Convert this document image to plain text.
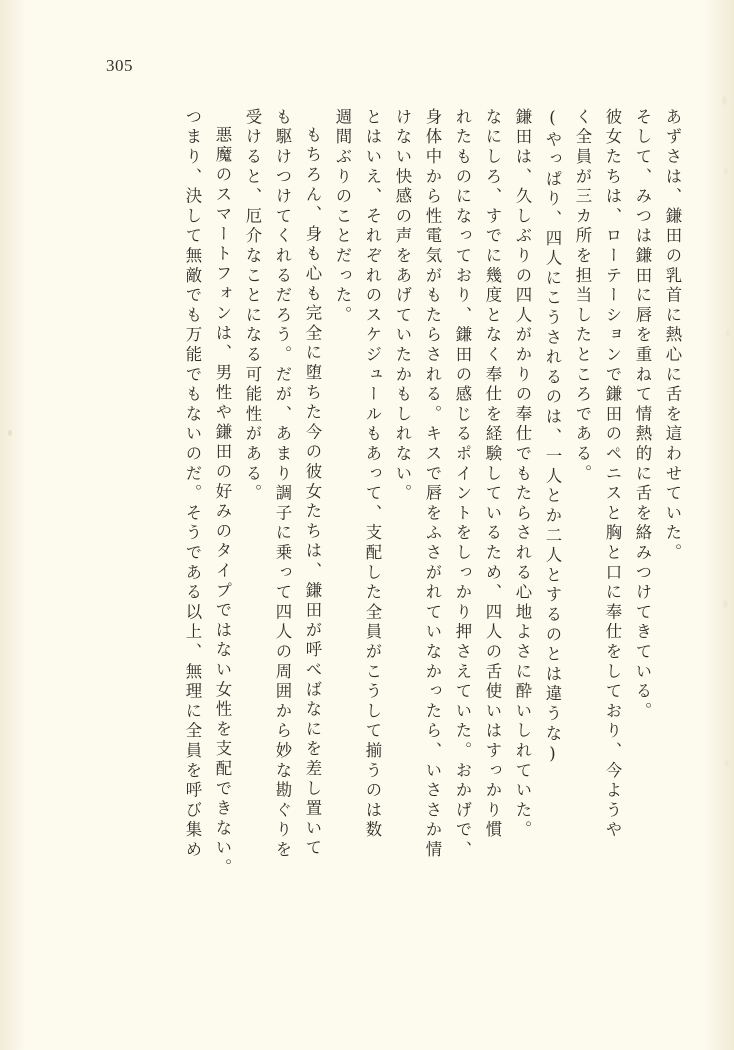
305
あずさは、鎌田の乳首に熱心に舌を這わせていた。
そして、みつは鎌田に唇を重ねて情熱的に舌を絡みつけてきている。
彼女たちは、ローテーションで鎌田のペニスと胸と口に奉仕をしており、今ようや
く全員が三カ所を担当したところである。
(やっぱり、四人にこうされるのは、一人とか二人とするのとは違うな)
鎌田は、久しぶりの四人がかりの奉仕でもたらされる心地よさに酔いしれていた。
なにしろ、すでに幾度となく奉仕を経験しているため、四人の舌使いはすっかり慣
れたものになっており、鎌田の感じるポイントをしっかり押さえていた。おかげで、
身体中から性電気がもたらされる。キスで唇をふさがれていなかったら、いささか情
けない快感の声をあげていたかもしれない。
とはいえ、それぞれのスケジュールもあって、支配した全員がこうして揃うのは数
週間ぶりのことだった。
もちろん、身も心も完全に堕ちた今の彼女たちは、鎌田が呼べばなにを差し置いて
も駆けつけてくれるだろう。だが、あまり調子に乗って四人の周囲から妙な勘ぐりを
受けると、厄介なことになる可能性がある。
悪魔のスマートフォンは、男性や鎌田の好みのタイプではない女性を支配できない。
つまり、決して無敵でも万能でもないのだ。そうである以上、無理に全員を呼び集め
